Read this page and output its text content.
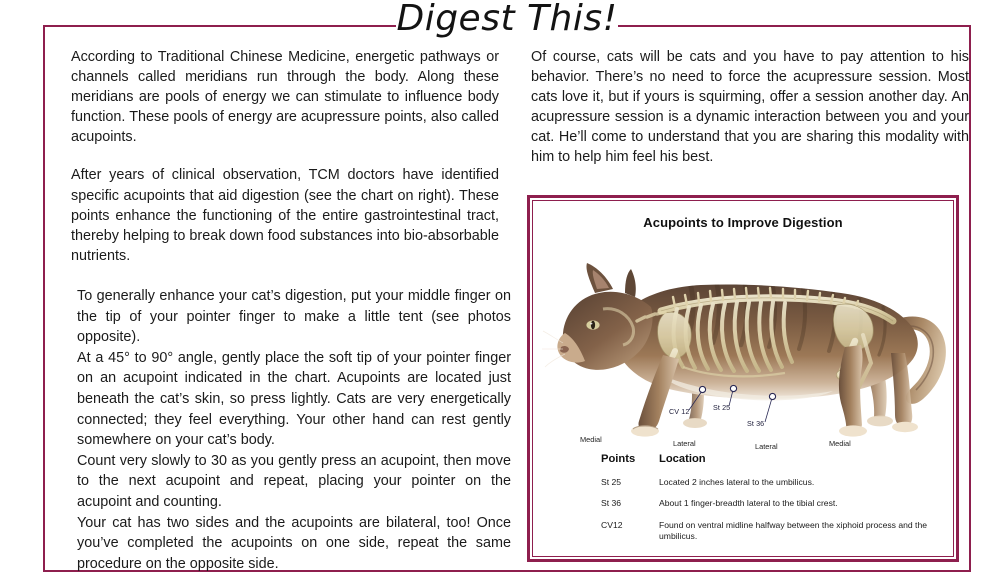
Digest This!

According to Traditional Chinese Medicine, energetic pathways or channels called meridians run through the body. Along these meridians are pools of energy we can stimulate to influence body function. These pools of energy are acupressure points, also called acupoints.

After years of clinical observation, TCM doctors have identified specific acupoints that aid digestion (see the chart on right). These points enhance the functioning of the entire gastrointestinal tract, thereby helping to break down food substances into bio-absorbable nutrients.

To generally enhance your cat’s digestion, put your middle finger on the tip of your pointer finger to make a little tent (see photos opposite).

At a 45° to 90° angle, gently place the soft tip of your pointer finger on an acupoint indicated in the chart. Acupoints are located just beneath the cat’s skin, so press lightly. Cats are very energetically connected; they feel everything. Your other hand can rest gently somewhere on your cat’s body.

Count very slowly to 30 as you gently press an acupoint, then move to the next acupoint and repeat, placing your pointer on the acupoint and counting.

Your cat has two sides and the acupoints are bilateral, too! Once you’ve completed the acupoints on one side, repeat the same procedure on the opposite side.

Of course, cats will be cats and you have to pay attention to his behavior. There’s no need to force the acupressure session. Most cats love it, but if yours is squirming, offer a session another day. An acupressure session is a dynamic interaction between you and your cat. He’ll come to understand that you are sharing this modality with him to help him feel his best.

Acupoints to Improve Digestion
CV 12	St 25
St 36
Medial	Lateral	Lateral	Medial
Points	Location
St 25	Located 2 inches lateral to the umbilicus.
St 36	About 1 finger-breadth lateral to the tibial crest.
CV12	Found on ventral midline halfway between the xiphoid process and the umbilicus.
